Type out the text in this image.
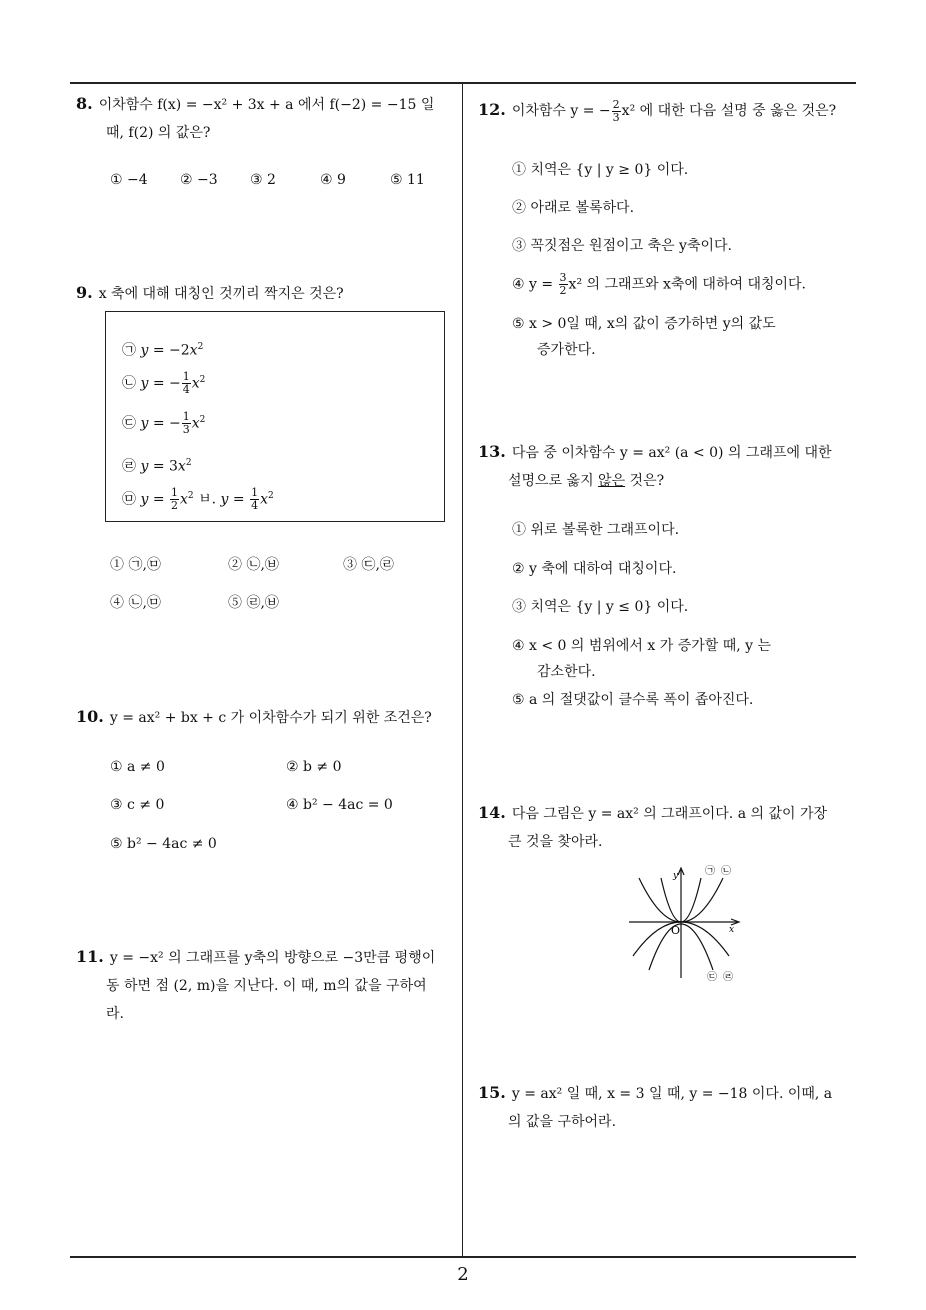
8. 이차함수 f(x) = −x² + 3x + a 에서 f(−2) = −15 일
때, f(2) 의 값은?
① −4 ② −3 ③ 2	④ 9	⑤ 11
9. x 축에 대해 대칭인 것끼리 짝지은 것은?
㉠ $y = -2x^2$
㉡ y = − $\frac{1}{4} x^2$
㉢ y = − $\frac{1}{3} x^2$
㉣ $y = 3x^2$
㉤ $y = \frac{1}{2} x^2$ ㅂ. $y = \frac{1}{4} x^2$
① ㉠,㉤	② ㉡,㉥	③ ㉢,㉣
④ ㉡,㉤	⑤ ㉣,㉥
10. y = ax² + bx + c 가 이차함수가 되기 위한 조건은?
① a ≠ 0	② b ≠ 0
③ c ≠ 0	④ b² − 4ac = 0
⑤ b² − 4ac ≠ 0
11. y = −x² 의 그래프를 y축의 방향으로 −3만큼 평행이
동 하면 점 (2, m)을 지난다. 이 때, m의 값을 구하여
라.
12. 이차함수 y = − $\frac{2}{3} x^2$ 에 대한 다음 설명 중 옳은 것은?
① 치역은 {y | y ≥ 0} 이다.
② 아래로 볼록하다.
③ 꼭짓점은 원점이고 축은 y축이다.
④ $y = \frac{3}{2} x^2$ 의 그래프와 x축에 대하여 대칭이다.
⑤ x > 0일 때, x의 값이 증가하면 y의 값도
증가한다.
13. 다음 중 이차함수 y = ax² (a < 0) 의 그래프에 대한
설명으로 옳지 않은 것은?
① 위로 볼록한 그래프이다.
② y 축에 대하여 대칭이다.
③ 치역은 {y | y ≤ 0} 이다.
④ x < 0 의 범위에서 x 가 증가할 때, y 는
감소한다.
⑤ a 의 절댓값이 클수록 폭이 좁아진다.
14. 다음 그림은 y = ax² 의 그래프이다. a 의 값이 가장
큰 것을 찾아라.
y
x
O
㉠ ㉡
㉢ ㉣
15. y = ax² 일 때, x = 3 일 때, y = −18 이다. 이때, a
의 값을 구하어라.
2
